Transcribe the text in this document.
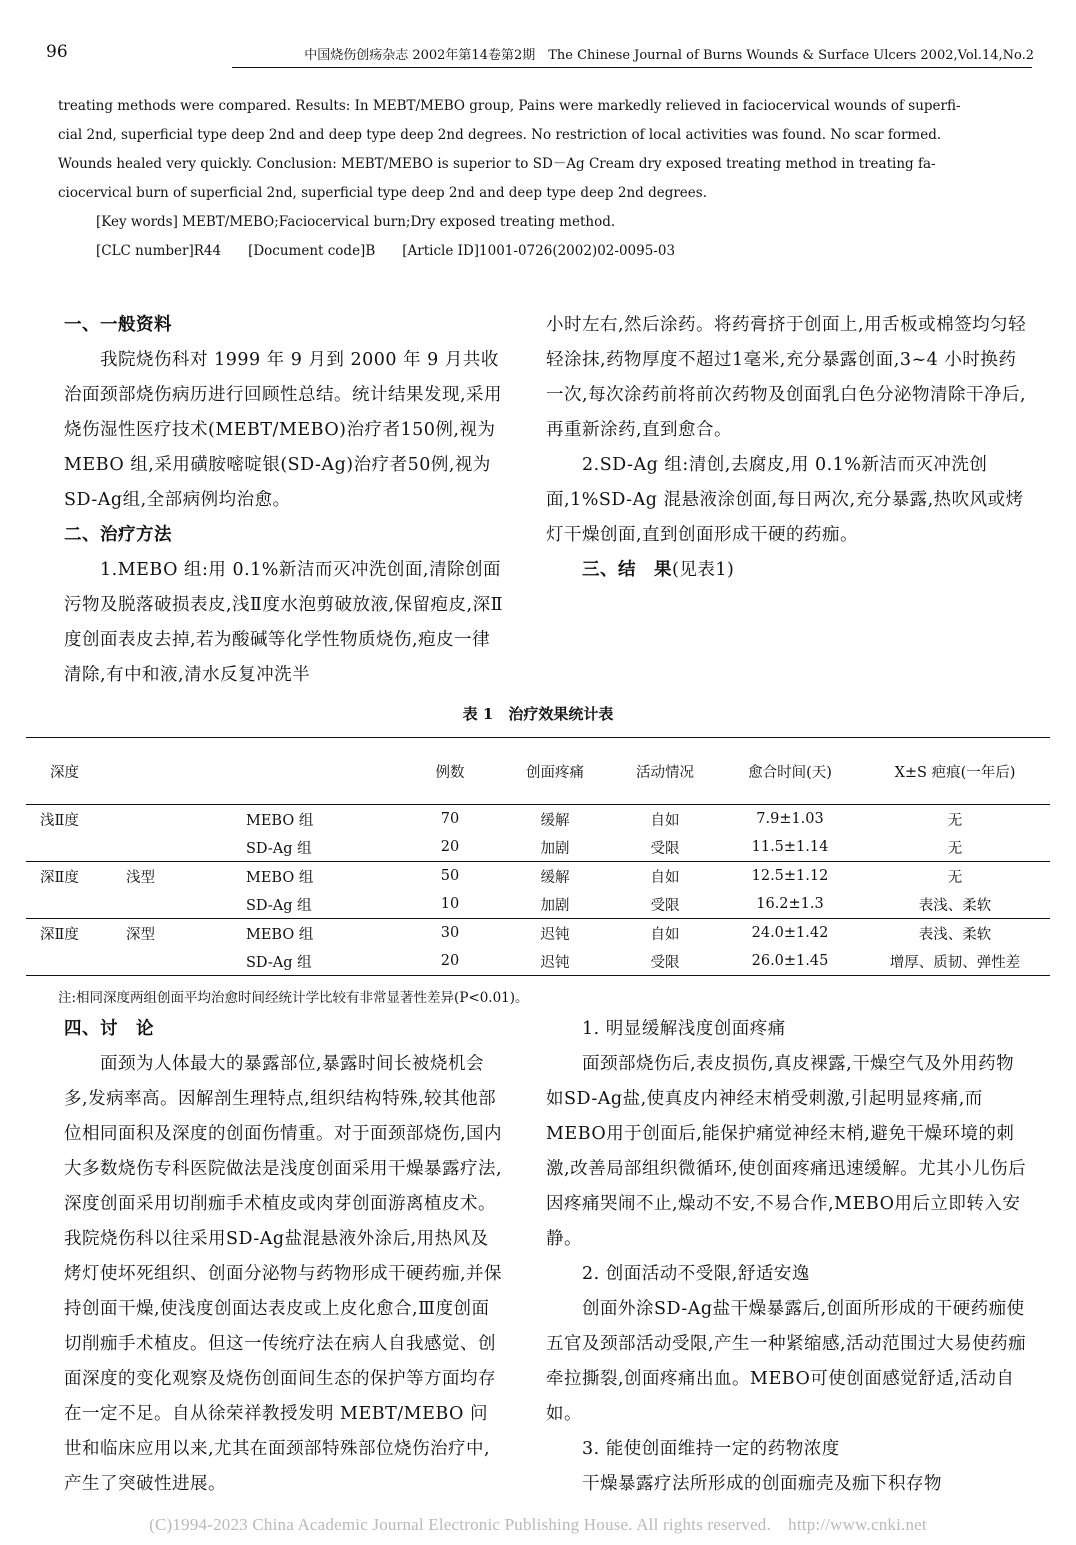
96	中国烧伤创疡杂志 2002年第14卷第2期　The Chinese Journal of Burns Wounds & Surface Ulcers 2002,Vol.14,No.2

treating methods were compared. Results: In MEBT/MEBO group, Pains were markedly relieved in faciocervical wounds of superfi-

cial 2nd, superficial type deep 2nd and deep type deep 2nd degrees. No restriction of local activities was found. No scar formed.

Wounds healed very quickly. Conclusion: MEBT/MEBO is superior to SD－Ag Cream dry exposed treating method in treating fa-

ciocervical burn of superficial 2nd, superficial type deep 2nd and deep type deep 2nd degrees.

[Key words] MEBT/MEBO;Faciocervical burn;Dry exposed treating method.

[CLC number]R44　　[Document code]B　　[Article ID]1001-0726(2002)02-0095-03

一、一般资料

我院烧伤科对 1999 年 9 月到 2000 年 9 月共收治面颈部烧伤病历进行回顾性总结。统计结果发现,采用烧伤湿性医疗技术(MEBT/MEBO)治疗者150例,视为 MEBO 组,采用磺胺嘧啶银(SD-Ag)治疗者50例,视为SD-Ag组,全部病例均治愈。

二、治疗方法

1.MEBO 组:用 0.1%新洁而灭冲洗创面,清除创面污物及脱落破损表皮,浅Ⅱ度水泡剪破放液,保留疱皮,深Ⅱ度创面表皮去掉,若为酸碱等化学性物质烧伤,疱皮一律清除,有中和液,清水反复冲洗半

小时左右,然后涂药。将药膏挤于创面上,用舌板或棉签均匀轻轻涂抹,药物厚度不超过1毫米,充分暴露创面,3~4 小时换药一次,每次涂药前将前次药物及创面乳白色分泌物清除干净后,再重新涂药,直到愈合。

2.SD-Ag 组:清创,去腐皮,用 0.1%新洁而灭冲洗创面,1%SD-Ag 混悬液涂创面,每日两次,充分暴露,热吹风或烤灯干燥创面,直到创面形成干硬的药痂。

三、结　果(见表1)

表 1　治疗效果统计表
深度			例数	创面疼痛	活动情况	愈合时间(天)	X±S 疤痕(一年后)
浅Ⅱ度		MEBO 组	70	缓解	自如	7.9±1.03	无
		SD-Ag 组	20	加剧	受限	11.5±1.14	无
深Ⅱ度	浅型	MEBO 组	50	缓解	自如	12.5±1.12	无
		SD-Ag 组	10	加剧	受限	16.2±1.3	表浅、柔软
深Ⅱ度	深型	MEBO 组	30	迟钝	自如	24.0±1.42	表浅、柔软
		SD-Ag 组	20	迟钝	受限	26.0±1.45	增厚、质韧、弹性差
注:相同深度两组创面平均治愈时间经统计学比较有非常显著性差异(P<0.01)。

四、讨　论

面颈为人体最大的暴露部位,暴露时间长被烧机会多,发病率高。因解剖生理特点,组织结构特殊,较其他部位相同面积及深度的创面伤情重。对于面颈部烧伤,国内大多数烧伤专科医院做法是浅度创面采用干燥暴露疗法,深度创面采用切削痂手术植皮或肉芽创面游离植皮术。我院烧伤科以往采用SD-Ag盐混悬液外涂后,用热风及烤灯使坏死组织、创面分泌物与药物形成干硬药痂,并保持创面干燥,使浅度创面达表皮或上皮化愈合,Ⅲ度创面切削痂手术植皮。但这一传统疗法在病人自我感觉、创面深度的变化观察及烧伤创面间生态的保护等方面均存在一定不足。自从徐荣祥教授发明 MEBT/MEBO 问世和临床应用以来,尤其在面颈部特殊部位烧伤治疗中,产生了突破性进展。

1. 明显缓解浅度创面疼痛

面颈部烧伤后,表皮损伤,真皮裸露,干燥空气及外用药物如SD-Ag盐,使真皮内神经末梢受刺激,引起明显疼痛,而MEBO用于创面后,能保护痛觉神经末梢,避免干燥环境的刺激,改善局部组织微循环,使创面疼痛迅速缓解。尤其小儿伤后因疼痛哭闹不止,燥动不安,不易合作,MEBO用后立即转入安静。

2. 创面活动不受限,舒适安逸

创面外涂SD-Ag盐干燥暴露后,创面所形成的干硬药痂使五官及颈部活动受限,产生一种紧缩感,活动范围过大易使药痂牵拉撕裂,创面疼痛出血。MEBO可使创面感觉舒适,活动自如。

3. 能使创面维持一定的药物浓度

干燥暴露疗法所形成的创面痂壳及痂下积存物

(C)1994-2023 China Academic Journal Electronic Publishing House. All rights reserved.　http://www.cnki.net
